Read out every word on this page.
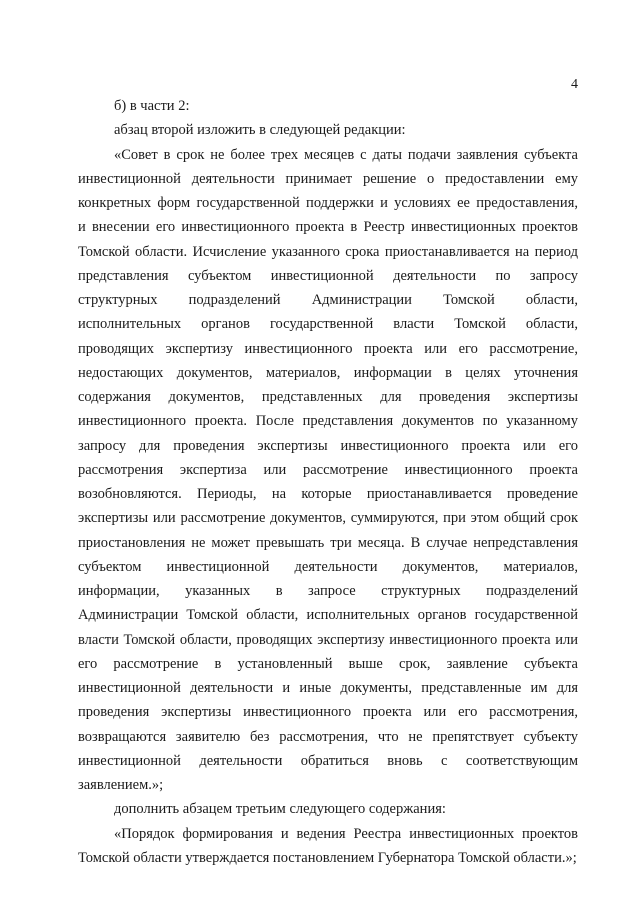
4

б) в части 2:

абзац второй изложить в следующей редакции:

«Совет в срок не более трех месяцев с даты подачи заявления субъекта инвестиционной деятельности принимает решение о предоставлении ему конкретных форм государственной поддержки и условиях ее предоставления, и внесении его инвестиционного проекта в Реестр инвестиционных проектов Томской области. Исчисление указанного срока приостанавливается на период представления субъектом инвестиционной деятельности по запросу структурных подразделений Администрации Томской области, исполнительных органов государственной власти Томской области, проводящих экспертизу инвестиционного проекта или его рассмотрение, недостающих документов, материалов, информации в целях уточнения содержания документов, представленных для проведения экспертизы инвестиционного проекта. После представления документов по указанному запросу для проведения экспертизы инвестиционного проекта или его рассмотрения экспертиза или рассмотрение инвестиционного проекта возобновляются. Периоды, на которые приостанавливается проведение экспертизы или рассмотрение документов, суммируются, при этом общий срок приостановления не может превышать три месяца. В случае непредставления субъектом инвестиционной деятельности документов, материалов, информации, указанных в запросе структурных подразделений Администрации Томской области, исполнительных органов государственной власти Томской области, проводящих экспертизу инвестиционного проекта или его рассмотрение в установленный выше срок, заявление субъекта инвестиционной деятельности и иные документы, представленные им для проведения экспертизы инвестиционного проекта или его рассмотрения, возвращаются заявителю без рассмотрения, что не препятствует субъекту инвестиционной деятельности обратиться вновь с соответствующим заявлением.»;

дополнить абзацем третьим следующего содержания:

«Порядок формирования и ведения Реестра инвестиционных проектов Томской области утверждается постановлением Губернатора Томской области.»;
